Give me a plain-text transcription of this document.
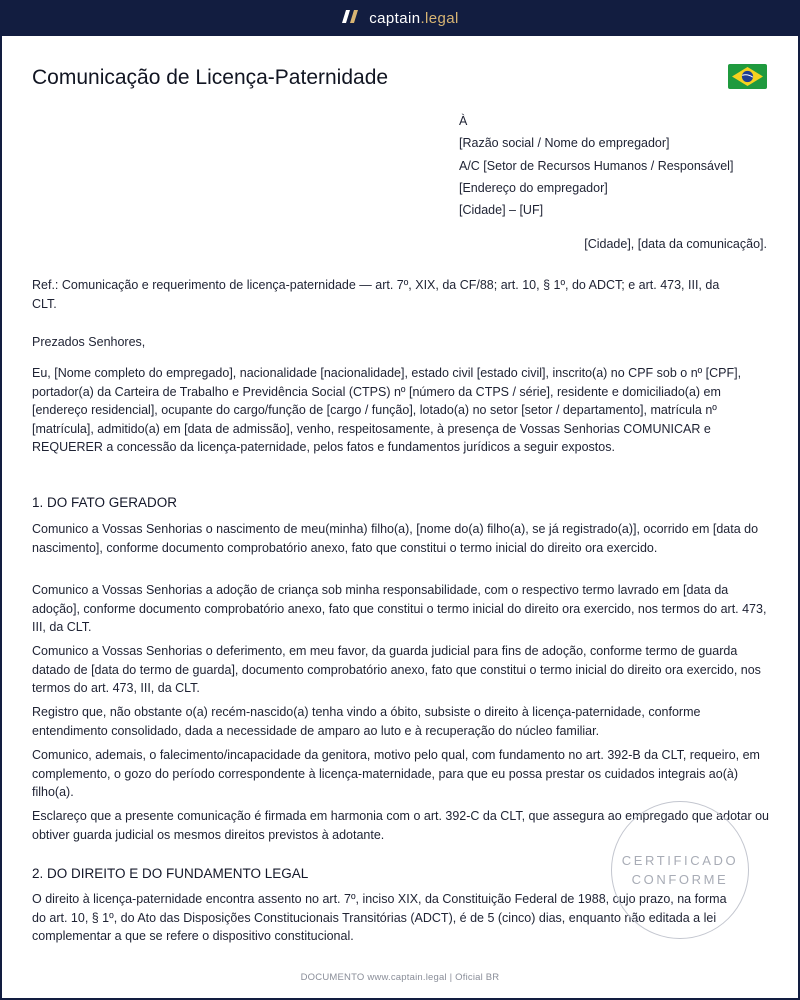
captain.legal
Comunicação de Licença-Paternidade
À
[Razão social / Nome do empregador]
A/C [Setor de Recursos Humanos / Responsável]
[Endereço do empregador]
[Cidade] – [UF]
[Cidade], [data da comunicação].

Ref.: Comunicação e requerimento de licença-paternidade — art. 7º, XIX, da CF/88; art. 10, § 1º, do ADCT; e art. 473, III, da CLT.

Prezados Senhores,

Eu, [Nome completo do empregado], nacionalidade [nacionalidade], estado civil [estado civil], inscrito(a) no CPF sob o nº [CPF], portador(a) da Carteira de Trabalho e Previdência Social (CTPS) nº [número da CTPS / série], residente e domiciliado(a) em [endereço residencial], ocupante do cargo/função de [cargo / função], lotado(a) no setor [setor / departamento], matrícula nº [matrícula], admitido(a) em [data de admissão], venho, respeitosamente, à presença de Vossas Senhorias COMUNICAR e REQUERER a concessão da licença-paternidade, pelos fatos e fundamentos jurídicos a seguir expostos.

1. DO FATO GERADOR

Comunico a Vossas Senhorias o nascimento de meu(minha) filho(a), [nome do(a) filho(a), se já registrado(a)], ocorrido em [data do nascimento], conforme documento comprobatório anexo, fato que constitui o termo inicial do direito ora exercido.

Comunico a Vossas Senhorias a adoção de criança sob minha responsabilidade, com o respectivo termo lavrado em [data da adoção], conforme documento comprobatório anexo, fato que constitui o termo inicial do direito ora exercido, nos termos do art. 473, III, da CLT.

Comunico a Vossas Senhorias o deferimento, em meu favor, da guarda judicial para fins de adoção, conforme termo de guarda datado de [data do termo de guarda], documento comprobatório anexo, fato que constitui o termo inicial do direito ora exercido, nos termos do art. 473, III, da CLT.

Registro que, não obstante o(a) recém-nascido(a) tenha vindo a óbito, subsiste o direito à licença-paternidade, conforme entendimento consolidado, dada a necessidade de amparo ao luto e à recuperação do núcleo familiar.

Comunico, ademais, o falecimento/incapacidade da genitora, motivo pelo qual, com fundamento no art. 392-B da CLT, requeiro, em complemento, o gozo do período correspondente à licença-maternidade, para que eu possa prestar os cuidados integrais ao(à) filho(a).

Esclareço que a presente comunicação é firmada em harmonia com o art. 392-C da CLT, que assegura ao empregado que adotar ou obtiver guarda judicial os mesmos direitos previstos à adotante.

2. DO DIREITO E DO FUNDAMENTO LEGAL

O direito à licença-paternidade encontra assento no art. 7º, inciso XIX, da Constituição Federal de 1988, cujo prazo, na forma do art. 10, § 1º, do Ato das Disposições Constitucionais Transitórias (ADCT), é de 5 (cinco) dias, enquanto não editada a lei complementar a que se refere o dispositivo constitucional.

CERTIFICADO
CONFORME
DOCUMENTO www.captain.legal | Oficial BR
